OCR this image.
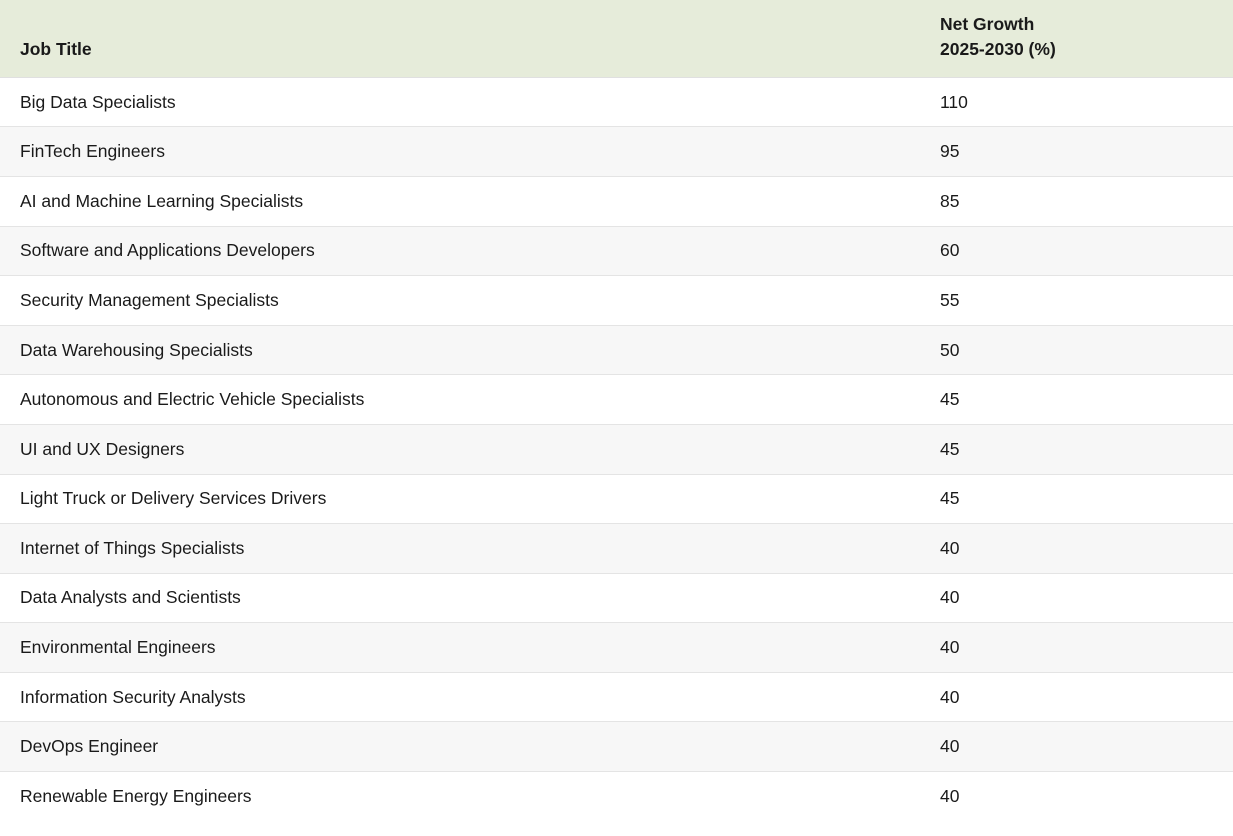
Job Title	Net Growth
2025-2030 (%)

Big Data Specialists	110
FinTech Engineers	95
AI and Machine Learning Specialists	85
Software and Applications Developers	60
Security Management Specialists	55
Data Warehousing Specialists	50
Autonomous and Electric Vehicle Specialists	45
UI and UX Designers	45
Light Truck or Delivery Services Drivers	45
Internet of Things Specialists	40
Data Analysts and Scientists	40
Environmental Engineers	40
Information Security Analysts	40
DevOps Engineer	40
Renewable Energy Engineers	40
